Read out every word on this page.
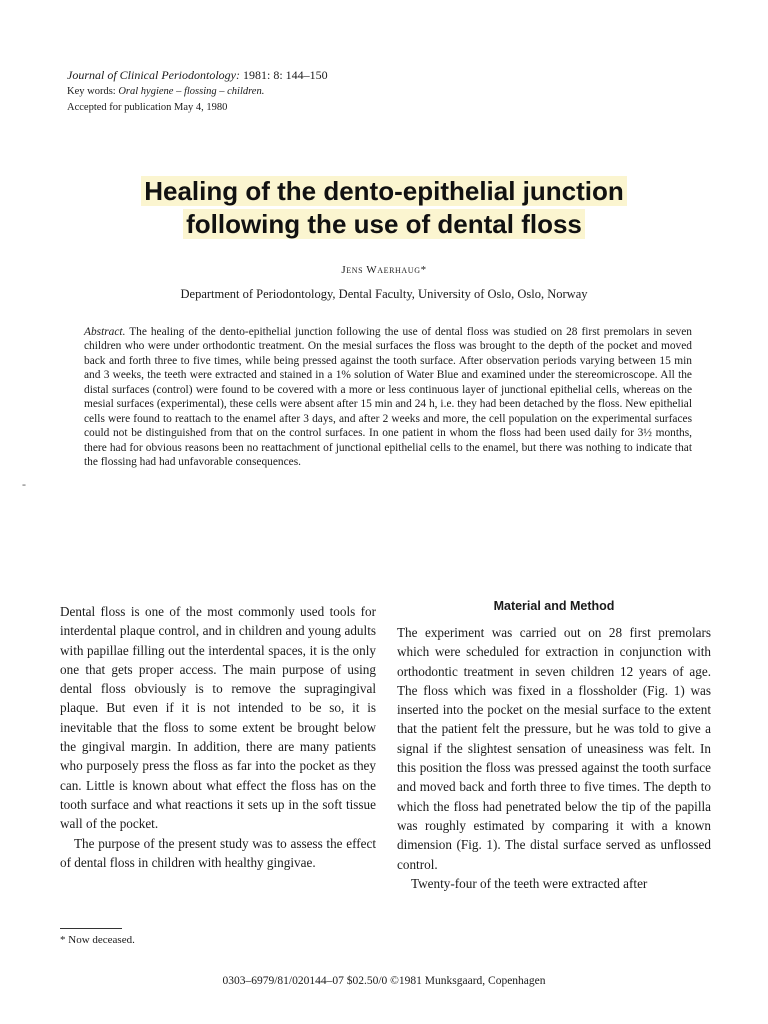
Journal of Clinical Periodontology: 1981: 8: 144–150
Key words: Oral hygiene – flossing – children.
Accepted for publication May 4, 1980
Healing of the dento-epithelial junction
following the use of dental floss
Jens Waerhaug*
Department of Periodontology, Dental Faculty, University of Oslo, Oslo, Norway
Abstract. The healing of the dento-epithelial junction following the use of dental floss was studied on 28 first premolars in seven children who were under orthodontic treatment. On the mesial surfaces the floss was brought to the depth of the pocket and moved back and forth three to five times, while being pressed against the tooth surface. After observation periods varying between 15 min and 3 weeks, the teeth were extracted and stained in a 1% solution of Water Blue and examined under the stereomicroscope. All the distal surfaces (control) were found to be covered with a more or less continuous layer of junctional epithelial cells, whereas on the mesial surfaces (experimental), these cells were absent after 15 min and 24 h, i.e. they had been detached by the floss. New epithelial cells were found to reattach to the enamel after 3 days, and after 2 weeks and more, the cell population on the experimental surfaces could not be distinguished from that on the control surfaces. In one patient in whom the floss had been used daily for 3½ months, there had for obvious reasons been no reattachment of junctional epithelial cells to the enamel, but there was nothing to indicate that the flossing had had unfavorable consequences.
-

Dental floss is one of the most commonly used tools for interdental plaque control, and in children and young adults with papillae filling out the interdental spaces, it is the only one that gets proper access. The main purpose of using dental floss obviously is to remove the supragingival plaque. But even if it is not intended to be so, it is inevitable that the floss to some extent be brought below the gingival margin. In addition, there are many patients who purposely press the floss as far into the pocket as they can. Little is known about what effect the floss has on the tooth surface and what reactions it sets up in the soft tissue wall of the pocket.

The purpose of the present study was to assess the effect of dental floss in children with healthy gingivae.

Material and Method

The experiment was carried out on 28 first premolars which were scheduled for extraction in conjunction with orthodontic treatment in seven children 12 years of age. The floss which was fixed in a flossholder (Fig. 1) was inserted into the pocket on the mesial surface to the extent that the patient felt the pressure, but he was told to give a signal if the slightest sensation of uneasiness was felt. In this position the floss was pressed against the tooth surface and moved back and forth three to five times. The depth to which the floss had penetrated below the tip of the papilla was roughly estimated by comparing it with a known dimension (Fig. 1). The distal surface served as unflossed control.

Twenty-four of the teeth were extracted after

* Now deceased.
0303–6979/81/020144–07 $02.50/0 ©1981 Munksgaard, Copenhagen
